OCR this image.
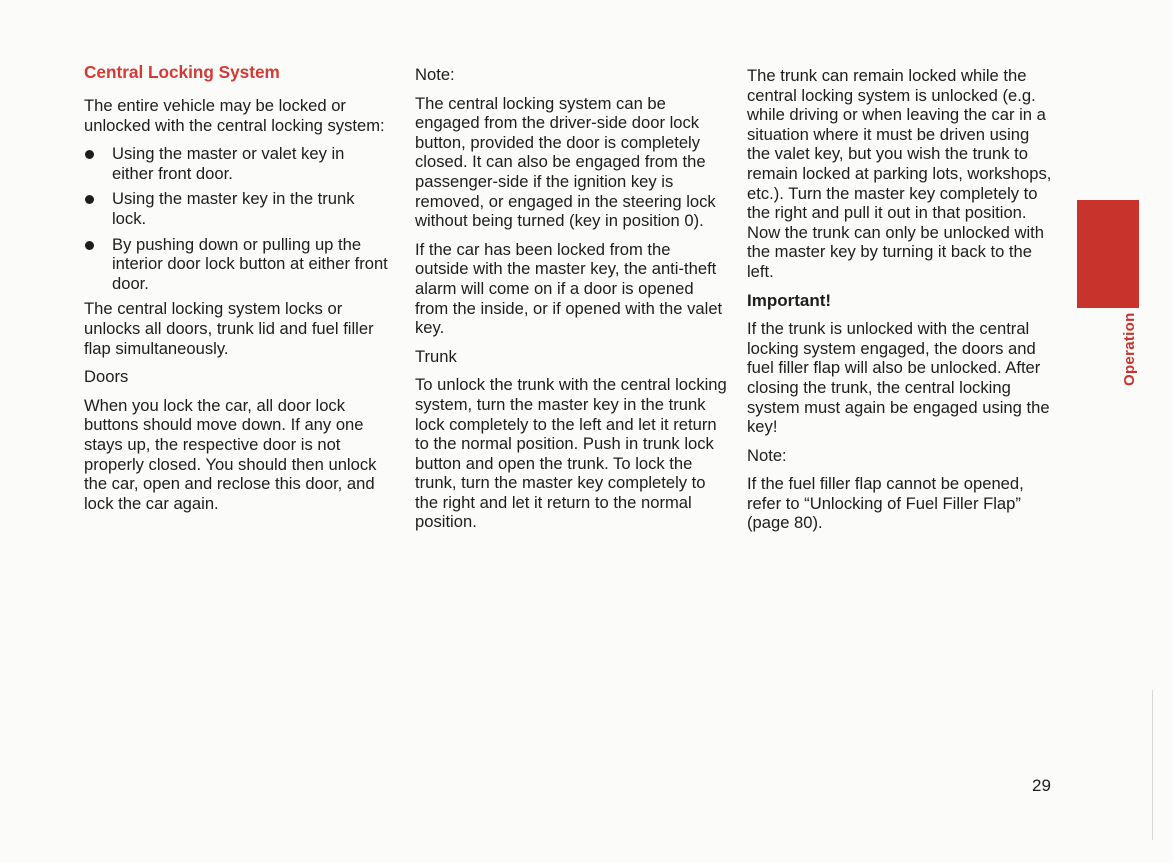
Central Locking System

The entire vehicle may be locked or unlocked with the central locking system:

Using the master or valet key in either front door.
Using the master key in the trunk lock.
By pushing down or pulling up the interior door lock button at either front door.

The central locking system locks or unlocks all doors, trunk lid and fuel filler flap simultaneously.

Doors

When you lock the car, all door lock buttons should move down. If any one stays up, the respective door is not properly closed. You should then unlock the car, open and reclose this door, and lock the car again.

Note:

The central locking system can be engaged from the driver-side door lock button, provided the door is completely closed. It can also be engaged from the passenger-side if the ignition key is removed, or engaged in the steering lock without being turned (key in position 0).

If the car has been locked from the outside with the master key, the anti-theft alarm will come on if a door is opened from the inside, or if opened with the valet key.

Trunk

To unlock the trunk with the central locking system, turn the master key in the trunk lock completely to the left and let it return to the normal position. Push in trunk lock button and open the trunk. To lock the trunk, turn the master key completely to the right and let it return to the normal position.

The trunk can remain locked while the central locking system is unlocked (e.g. while driving or when leaving the car in a situation where it must be driven using the valet key, but you wish the trunk to remain locked at parking lots, workshops, etc.). Turn the master key completely to the right and pull it out in that position. Now the trunk can only be unlocked with the master key by turning it back to the left.

Important!

If the trunk is unlocked with the central locking system engaged, the doors and fuel filler flap will also be unlocked. After closing the trunk, the central locking system must again be engaged using the key!

Note:

If the fuel filler flap cannot be opened, refer to “Unlocking of Fuel Filler Flap” (page 80).

Operation
29
